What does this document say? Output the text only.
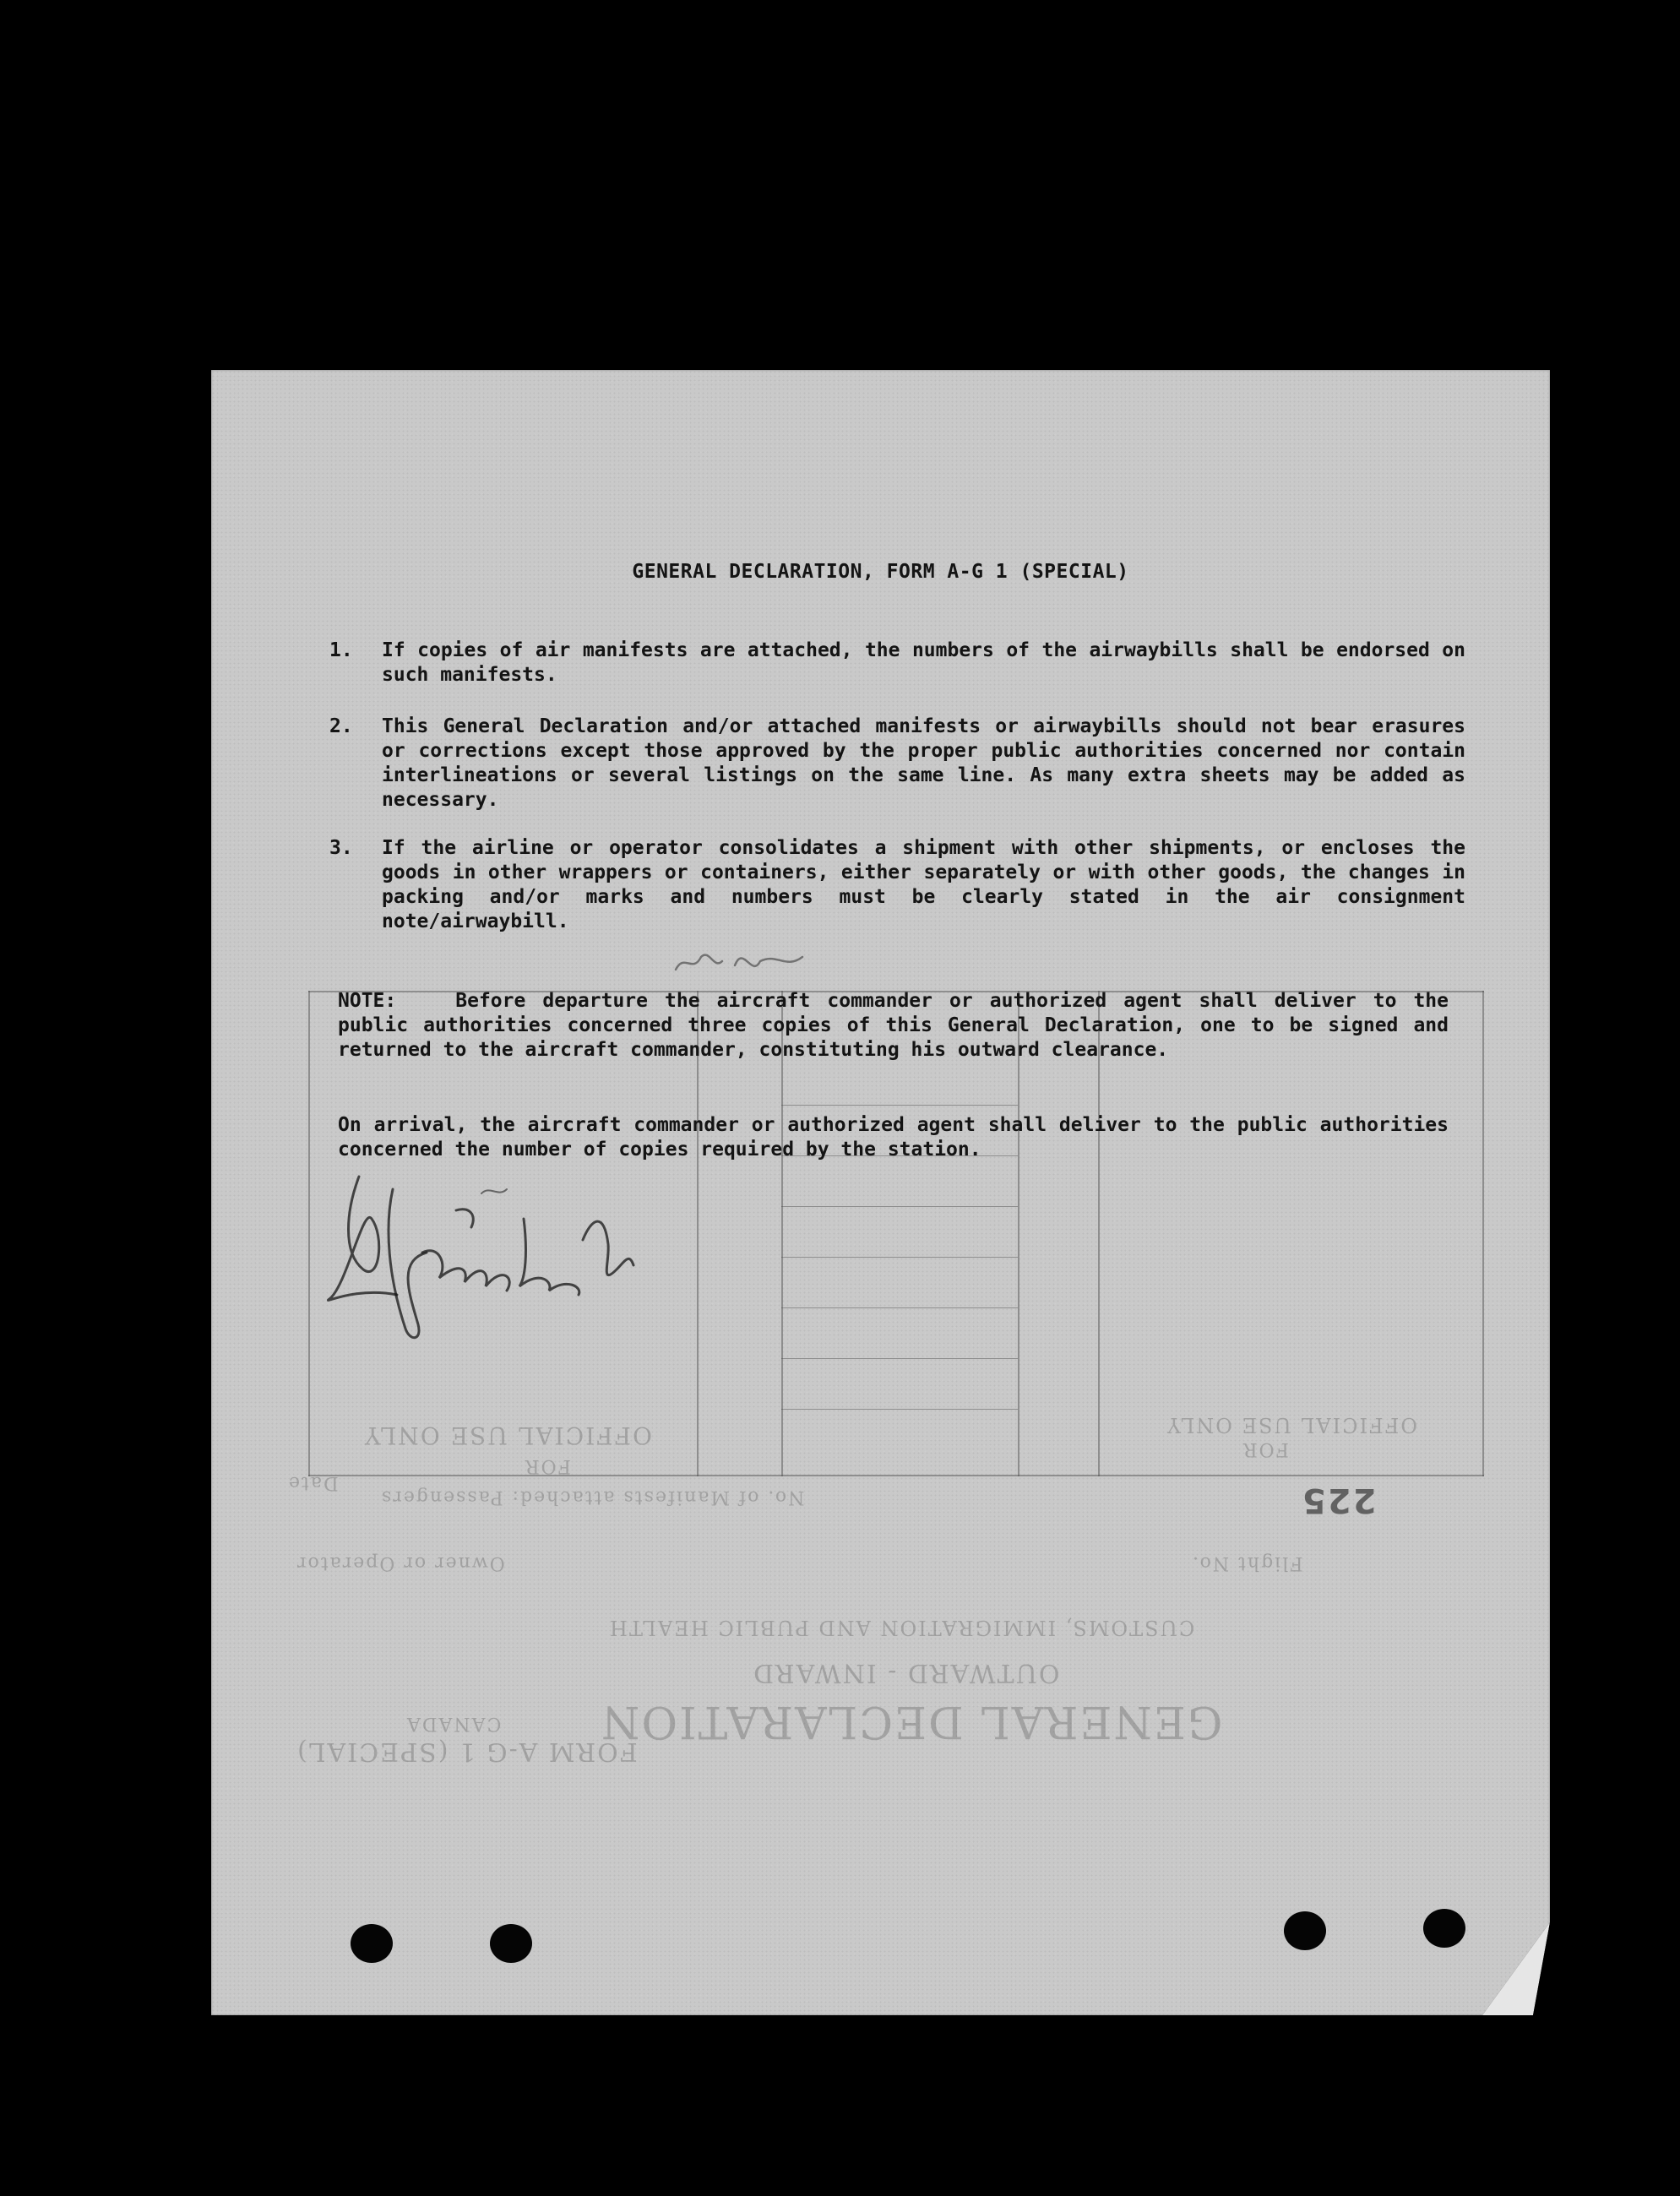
GENERAL DECLARATION
OUTWARD - INWARD
CUSTOMS, IMMIGRATION AND PUBLIC HEALTH
FORM A-G 1 (SPECIAL)
CANADA
OFFICIAL USE ONLY
FOR
OFFICIAL USE ONLY
FOR
Owner or Operator	Flight No.
Date
No. of Manifests attached: Passengers	225
GENERAL DECLARATION, FORM A-G 1 (SPECIAL)
1.	If copies of air manifests are attached, the numbers of the airwaybills shall be endorsed on such manifests.
2.	This General Declaration and/or attached manifests or airwaybills should not bear erasures or corrections except those approved by the proper public authorities concerned nor contain interlineations or several listings on the same line. As many extra sheets may be added as necessary.
3.	If the airline or operator consolidates a shipment with other shipments, or encloses the goods in other wrappers or containers, either separately or with other goods, the changes in packing and/or marks and numbers must be clearly stated in the air consignment note/airwaybill.
NOTE:	Before departure the aircraft commander or authorized agent shall deliver to the public authorities concerned three copies of this General Declaration, one to be signed and returned to the aircraft commander, constituting his outward clearance.
On arrival, the aircraft commander or authorized agent shall deliver to the public authorities concerned the number of copies required by the station.
